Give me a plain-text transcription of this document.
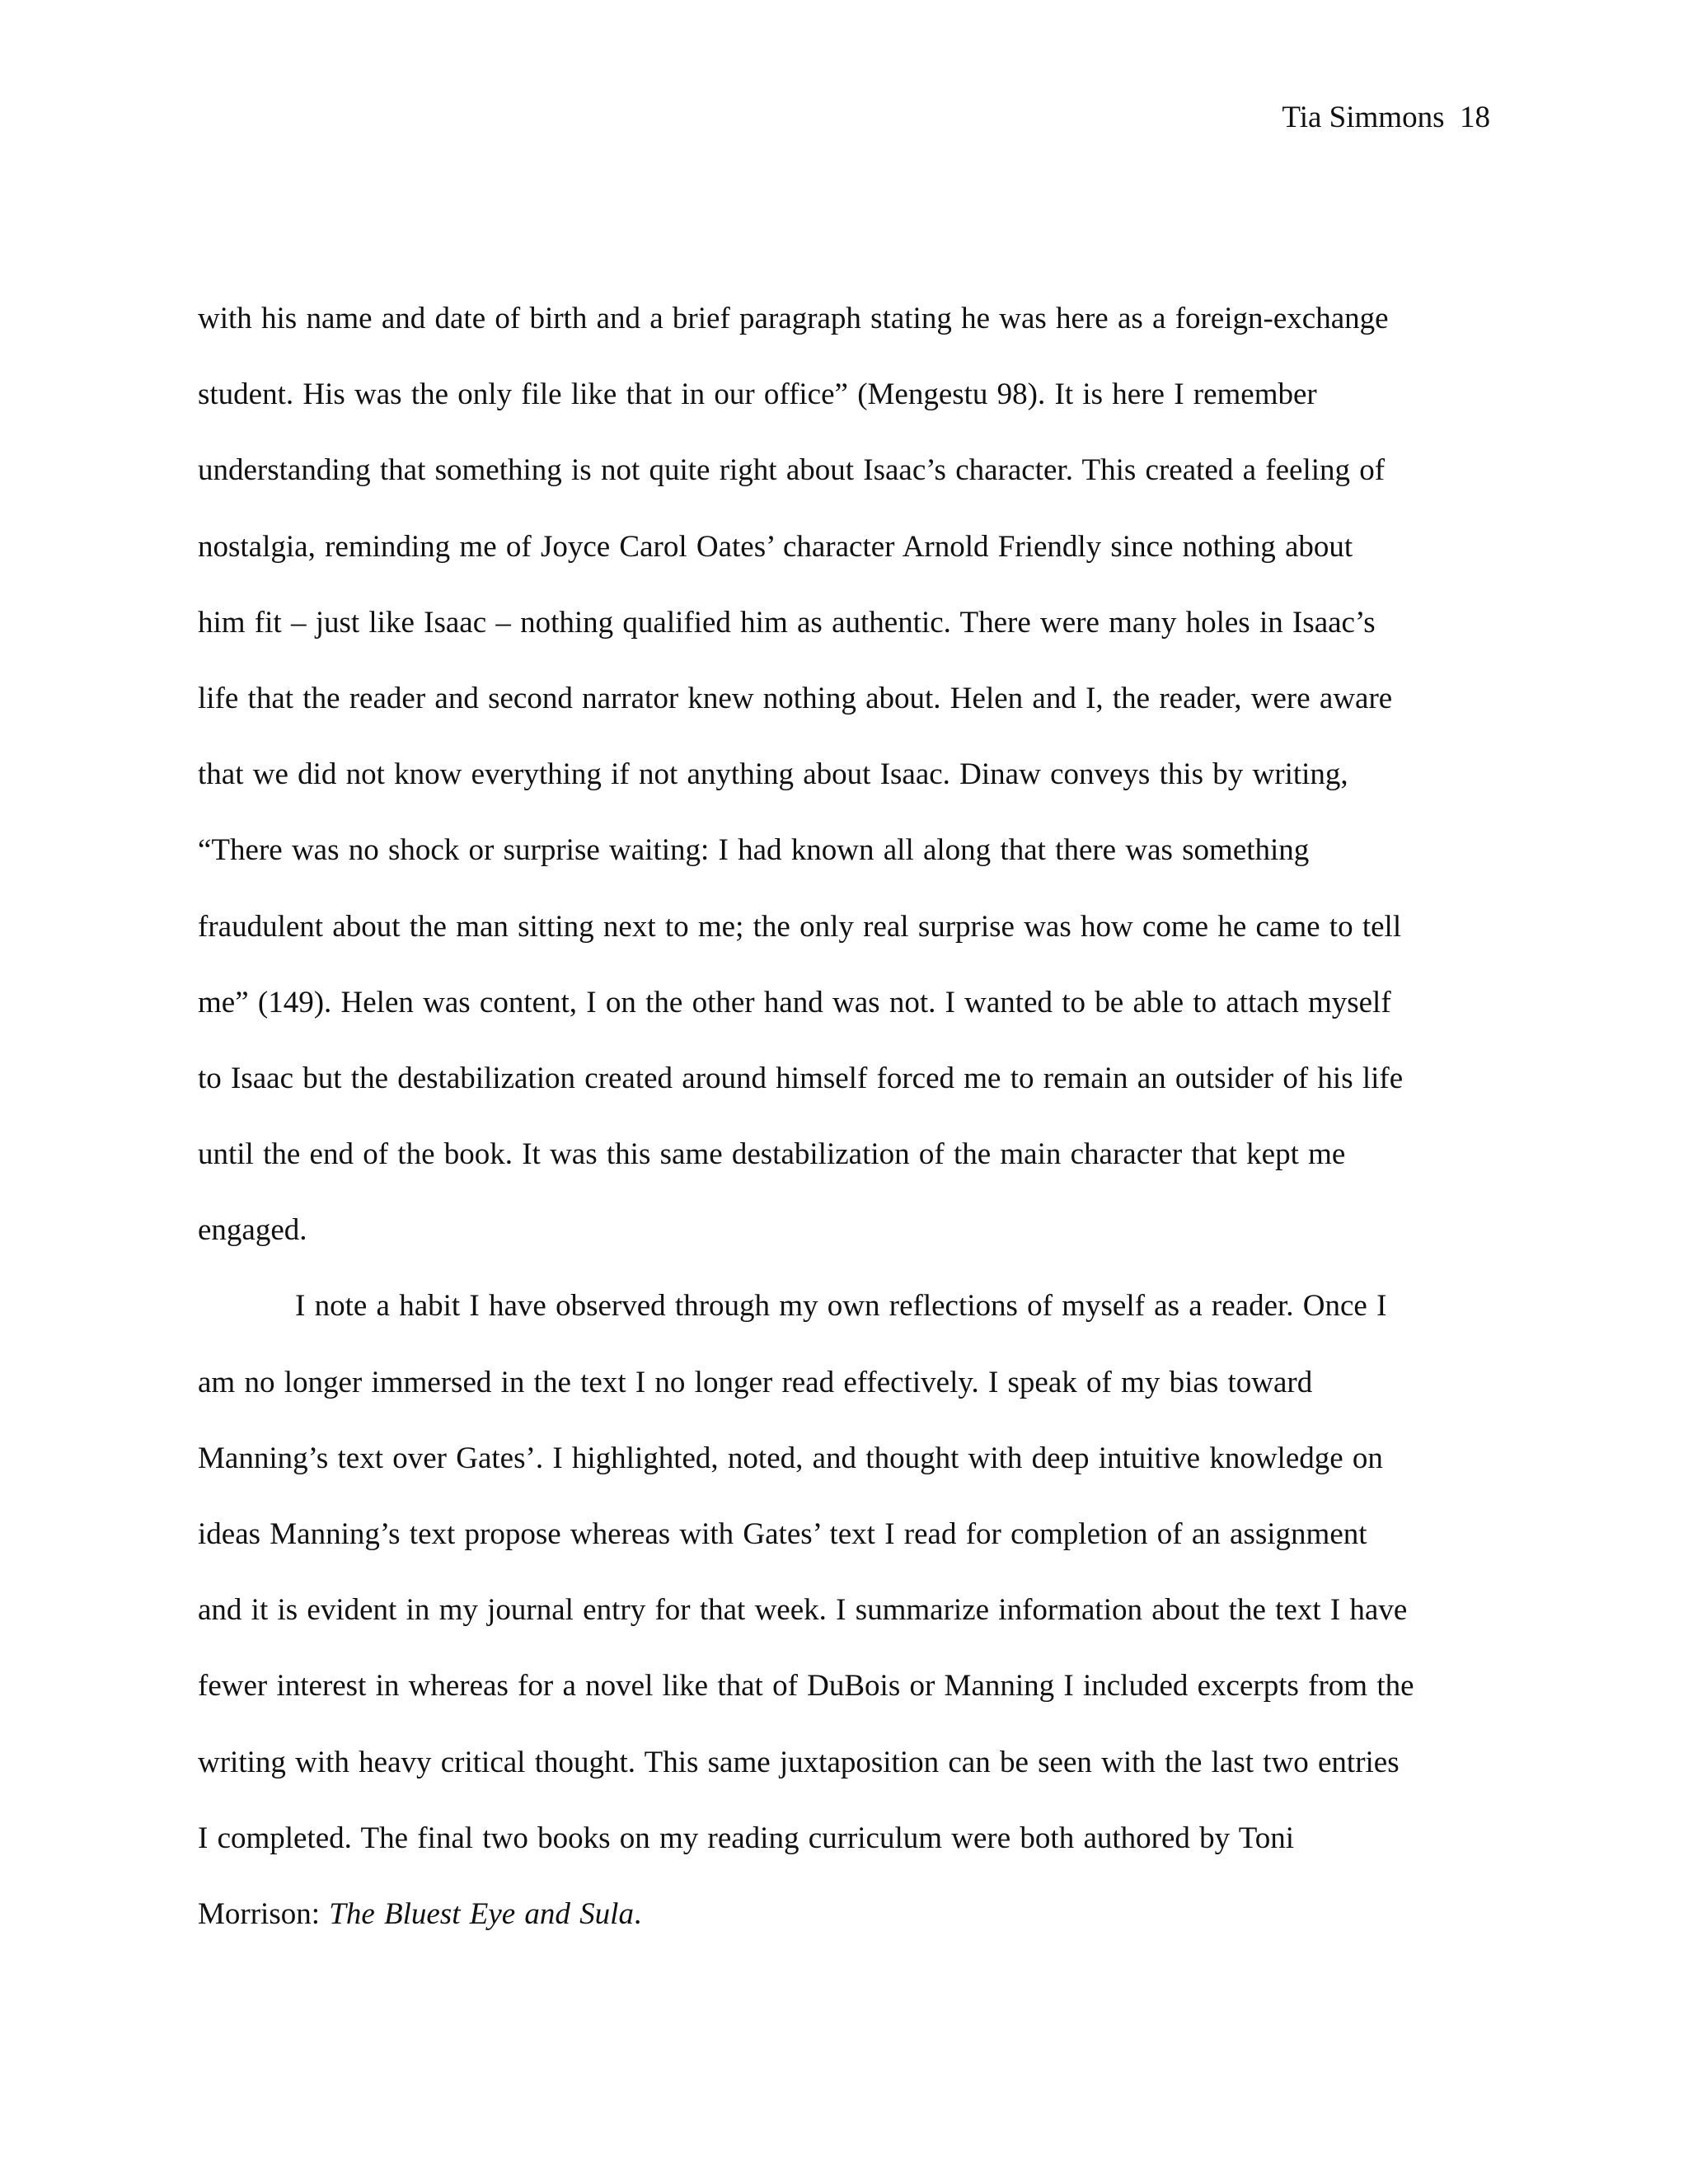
Tia Simmons 18
with his name and date of birth and a brief paragraph stating he was here as a foreign-exchange
student. His was the only file like that in our office” (Mengestu 98). It is here I remember
understanding that something is not quite right about Isaac’s character. This created a feeling of
nostalgia, reminding me of Joyce Carol Oates’ character Arnold Friendly since nothing about
him fit – just like Isaac – nothing qualified him as authentic. There were many holes in Isaac’s
life that the reader and second narrator knew nothing about. Helen and I, the reader, were aware
that we did not know everything if not anything about Isaac. Dinaw conveys this by writing,
“There was no shock or surprise waiting: I had known all along that there was something
fraudulent about the man sitting next to me; the only real surprise was how come he came to tell
me” (149). Helen was content, I on the other hand was not. I wanted to be able to attach myself
to Isaac but the destabilization created around himself forced me to remain an outsider of his life
until the end of the book. It was this same destabilization of the main character that kept me
engaged.
I note a habit I have observed through my own reflections of myself as a reader. Once I
am no longer immersed in the text I no longer read effectively. I speak of my bias toward
Manning’s text over Gates’. I highlighted, noted, and thought with deep intuitive knowledge on
ideas Manning’s text propose whereas with Gates’ text I read for completion of an assignment
and it is evident in my journal entry for that week. I summarize information about the text I have
fewer interest in whereas for a novel like that of DuBois or Manning I included excerpts from the
writing with heavy critical thought. This same juxtaposition can be seen with the last two entries
I completed. The final two books on my reading curriculum were both authored by Toni
Morrison: The Bluest Eye and Sula.
